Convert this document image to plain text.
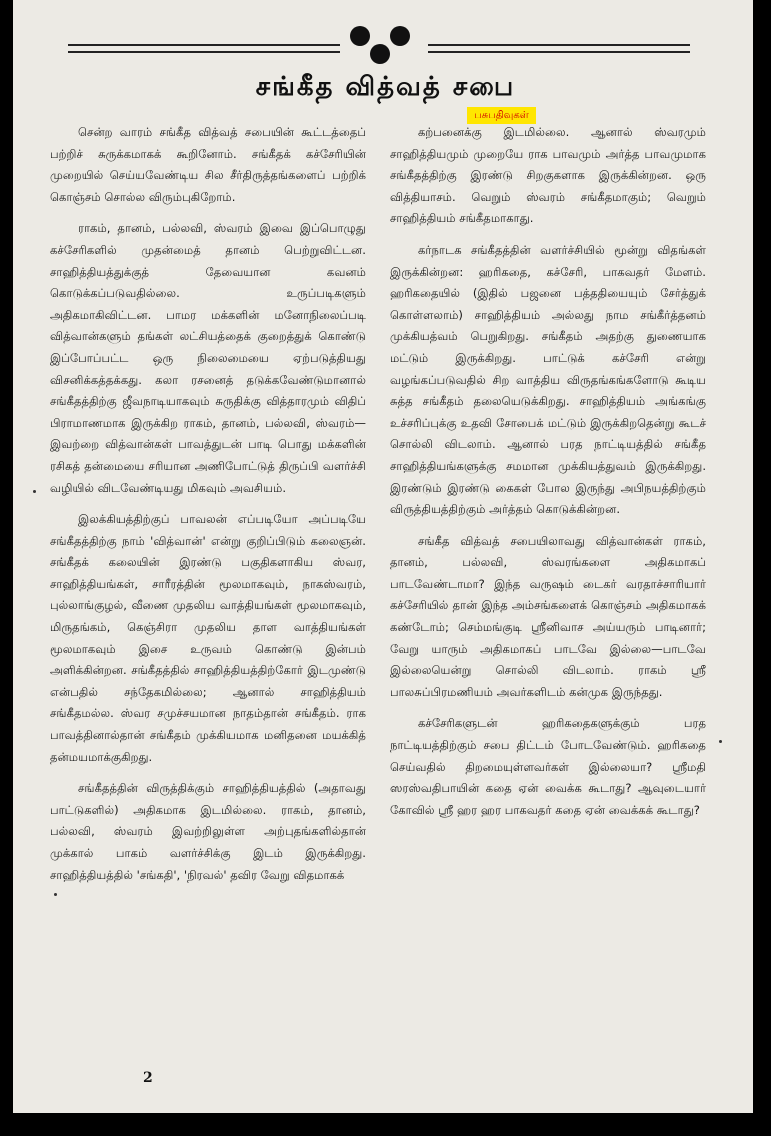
சங்கீத வித்வத் சபை
பசுபதிவுகள்

சென்ற வாரம் சங்கீத வித்வத் சபையின் கூட்டத்தைப் பற்றிச் சுருக்கமாகக் கூறினோம். சங்கீதக் கச்சேரியின் முறையில் செய்யவேண்டிய சில சீர்திருத்தங்களைப் பற்றிக் கொஞ்சம் சொல்ல விரும்புகிறோம்.

ராகம், தானம், பல்லவி, ஸ்வரம் இவை இப்பொழுது கச்சேரிகளில் முதன்மைத் தானம் பெற்றுவிட்டன. சாஹித்தியத்துக்குத் தேவையான கவனம் கொடுக்கப்படுவதில்லை. உருப்படிகளும் அதிகமாகிவிட்டன. பாமர மக்களின் மனோநிலைப்படி வித்வான்களும் தங்கள் லட்சியத்தைக் குறைத்துக் கொண்டு இப்போப்பட்ட ஒரு நிலைமையை ஏற்படுத்தியது விசனிக்கத்தக்கது. கலா ரசனைத் தடுக்கவேண்டுமானால் சங்கீதத்திற்கு ஜீவநாடியாகவும் சுருதிக்கு வித்தாரமும் விதிப் பிராமாணமாக இருக்கிற ராகம், தானம், பல்லவி, ஸ்வரம்—இவற்றை வித்வான்கள் பாவத்துடன் பாடி பொது மக்களின் ரசிகத் தன்மையை சரியான அணிபோட்டுத் திருப்பி வளர்ச்சி வழியில் விடவேண்டியது மிகவும் அவசியம்.

இலக்கியத்திற்குப் பாவலன் எப்படியோ அப்படியே சங்கீதத்திற்கு நாம் 'வித்வான்' என்று குறிப்பிடும் கலைஞன். சங்கீதக் கலையின் இரண்டு பகுதிகளாகிய ஸ்வர, சாஹித்தியங்கள், சாரீரத்தின் மூலமாகவும், நாகஸ்வரம், புல்லாங்குழல், வீணை முதலிய வாத்தியங்கள் மூலமாகவும், மிருதங்கம், கெஞ்சிரா முதலிய தாள வாத்தியங்கள் மூலமாகவும் இசை உருவம் கொண்டு இன்பம் அளிக்கின்றன. சங்கீதத்தில் சாஹித்தியத்திற்கோர் இடமுண்டு என்பதில் சந்தேகமில்லை; ஆனால் சாஹித்தியம் சங்கீதமல்ல. ஸ்வர சமுச்சயமான நாதம்தான் சங்கீதம். ராக பாவத்தினால்தான் சங்கீதம் முக்கியமாக மனிதனை மயக்கித் தன்மயமாக்குகிறது.

சங்கீதத்தின் விருத்திக்கும் சாஹித்தியத்தில் (அதாவது பாட்டுகளில்) அதிகமாக இடமில்லை. ராகம், தானம், பல்லவி, ஸ்வரம் இவற்றிலுள்ள அற்புதங்களில்தான் முக்கால் பாகம் வளர்ச்சிக்கு இடம் இருக்கிறது. சாஹித்தியத்தில் 'சங்கதி', 'நிரவல்' தவிர வேறு விதமாகக்

கற்பனைக்கு இடமில்லை. ஆனால் ஸ்வரமும் சாஹித்தியமும் முறையே ராக பாவமும் அர்த்த பாவமுமாக சங்கீதத்திற்கு இரண்டு சிறகுகளாக இருக்கின்றன. ஒரு வித்தியாசம். வெறும் ஸ்வரம் சங்கீதமாகும்; வெறும் சாஹித்தியம் சங்கீதமாகாது.

கர்நாடக சங்கீதத்தின் வளர்ச்சியில் மூன்று விதங்கள் இருக்கின்றன: ஹரிகதை, கச்சேரி, பாகவதர் மேளம். ஹரிகதையில் (இதில் பஜனை பத்ததியையும் சேர்த்துக் கொள்ளலாம்) சாஹித்தியம் அல்லது நாம சங்கீர்த்தனம் முக்கியத்வம் பெறுகிறது. சங்கீதம் அதற்கு துணையாக மட்டும் இருக்கிறது. பாட்டுக் கச்சேரி என்று வழங்கப்படுவதில் சிற வாத்திய விருதங்கங்களோடு கூடிய சுத்த சங்கீதம் தலையெடுக்கிறது. சாஹித்தியம் அங்கங்கு உச்சரிப்புக்கு உதவி சோபைக் மட்டும் இருக்கிறதென்று கூடச் சொல்லி விடலாம். ஆனால் பரத நாட்டியத்தில் சங்கீத சாஹித்தியங்களுக்கு சமமான முக்கியத்துவம் இருக்கிறது. இரண்டும் இரண்டு கைகள் போல இருந்து அபிநயத்திற்கும் விருத்தியத்திற்கும் அர்த்தம் கொடுக்கின்றன.

சங்கீத வித்வத் சபையிலாவது வித்வான்கள் ராகம், தானம், பல்லவி, ஸ்வரங்களை அதிகமாகப் பாடவேண்டாமா? இந்த வருஷம் டைகர் வரதாச்சாரியார் கச்சேரியில் தான் இந்த அம்சங்களைக் கொஞ்சம் அதிகமாகக் கண்டோம்; செம்மங்குடி ஸ்ரீனிவாச அய்யரும் பாடினார்; வேறு யாரும் அதிகமாகப் பாடவே இல்லை—பாடவே இல்லையென்று சொல்லி விடலாம். ராகம் ஸ்ரீ பாலசுப்பிரமணியம் அவர்களிடம் கன்முக இருந்தது.

கச்சேரிகளுடன் ஹரிகதைகளுக்கும் பரத நாட்டியத்திற்கும் சபை திட்டம் போடவேண்டும். ஹரிகதை செய்வதில் திறமையுள்ளவர்கள் இல்லையா? ஸ்ரீமதி ஸரஸ்வதிபாயின் கதை ஏன் வைக்க கூடாது? ஆவுடையார் கோவில் ஸ்ரீ ஹர ஹர பாகவதர் கதை ஏன் வைக்கக் கூடாது?

2
